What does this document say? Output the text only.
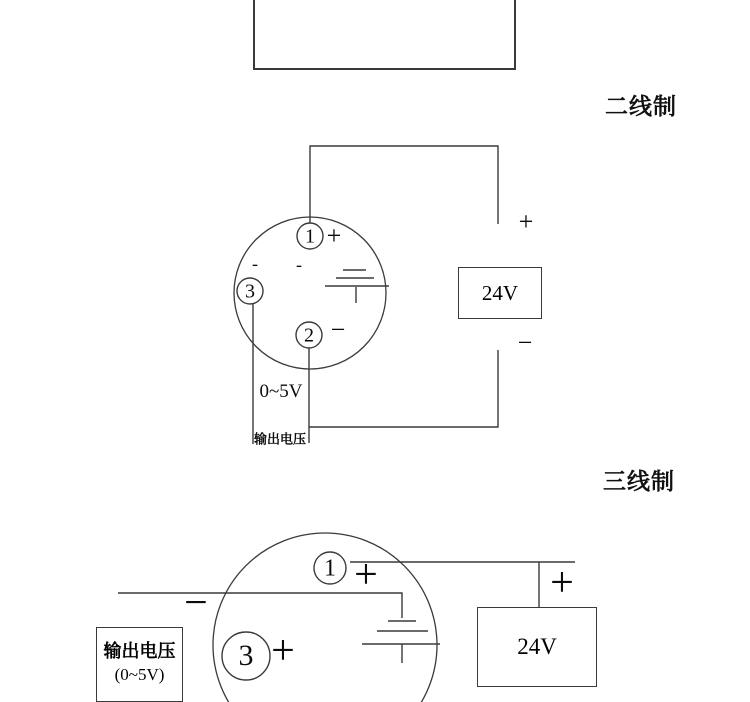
二线制
1 +
2 −
3
- -
+
24V
−
0~5V
输出电压
三线制
1 +
3 +
−	+
24V
输出电压
(0~5V)
